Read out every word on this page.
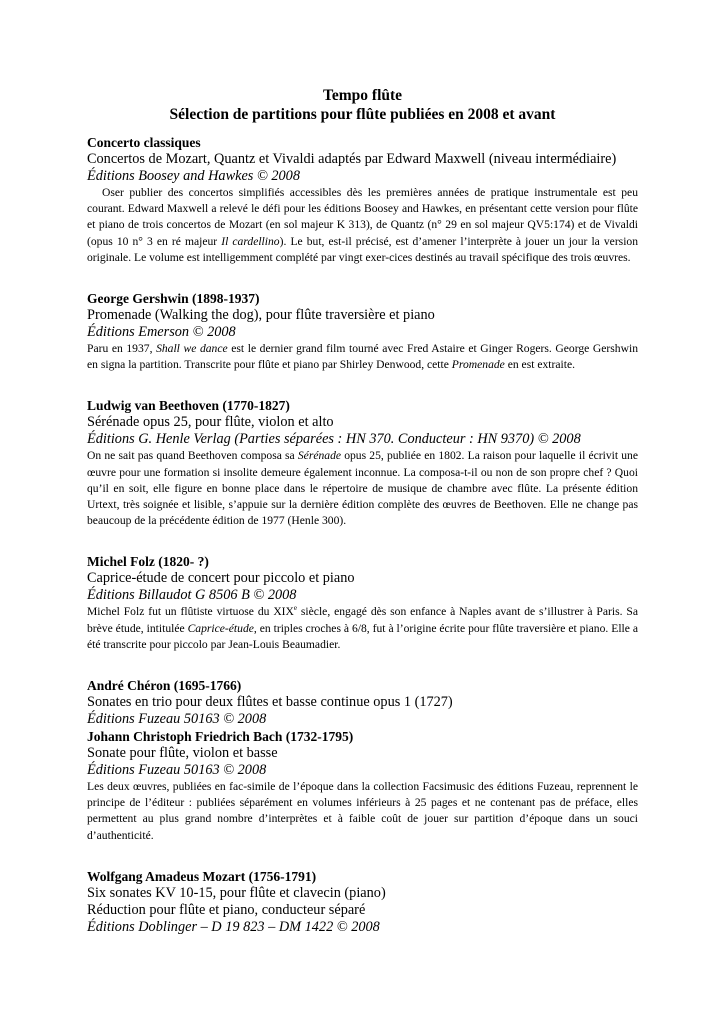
Tempo flûte
Sélection de partitions pour flûte publiées en 2008 et avant
Concerto classiques
Concertos de Mozart, Quantz et Vivaldi adaptés par Edward Maxwell (niveau intermédiaire)
Éditions Boosey and Hawkes © 2008
Oser publier des concertos simplifiés accessibles dès les premières années de pratique instrumentale est peu courant. Edward Maxwell a relevé le défi pour les éditions Boosey and Hawkes, en présentant cette version pour flûte et piano de trois concertos de Mozart (en sol majeur K 313), de Quantz (n° 29 en sol majeur QV5:174) et de Vivaldi (opus 10 n° 3 en ré majeur Il cardellino). Le but, est-il précisé, est d’amener l’interprète à jouer un jour la version originale. Le volume est intelligemment complété par vingt exer-cices destinés au travail spécifique des trois œuvres.
George Gershwin (1898-1937)
Promenade (Walking the dog), pour flûte traversière et piano
Éditions Emerson © 2008
Paru en 1937, Shall we dance est le dernier grand film tourné avec Fred Astaire et Ginger Rogers. George Gershwin en signa la partition. Transcrite pour flûte et piano par Shirley Denwood, cette Promenade en est extraite.
Ludwig van Beethoven (1770-1827)
Sérénade opus 25, pour flûte, violon et alto
Éditions G. Henle Verlag (Parties séparées : HN 370. Conducteur : HN 9370) © 2008
On ne sait pas quand Beethoven composa sa Sérénade opus 25, publiée en 1802. La raison pour laquelle il écrivit une œuvre pour une formation si insolite demeure également inconnue. La composa-t-il ou non de son propre chef ? Quoi qu’il en soit, elle figure en bonne place dans le répertoire de musique de chambre avec flûte. La présente édition Urtext, très soignée et lisible, s’appuie sur la dernière édition complète des œuvres de Beethoven. Elle ne change pas beaucoup de la précédente édition de 1977 (Henle 300).
Michel Folz (1820- ?)
Caprice-étude de concert pour piccolo et piano
Éditions Billaudot G 8506 B © 2008
Michel Folz fut un flûtiste virtuose du XIXe siècle, engagé dès son enfance à Naples avant de s’illustrer à Paris. Sa brève étude, intitulée Caprice-étude, en triples croches à 6/8, fut à l’origine écrite pour flûte traversière et piano. Elle a été transcrite pour piccolo par Jean-Louis Beaumadier.
André Chéron (1695-1766)
Sonates en trio pour deux flûtes et basse continue opus 1 (1727)
Éditions Fuzeau 50163 © 2008
Johann Christoph Friedrich Bach (1732-1795)
Sonate pour flûte, violon et basse
Éditions Fuzeau 50163 © 2008
Les deux œuvres, publiées en fac-simile de l’époque dans la collection Facsimusic des éditions Fuzeau, reprennent le principe de l’éditeur : publiées séparément en volumes inférieurs à 25 pages et ne contenant pas de préface, elles permettent au plus grand nombre d’interprètes et à faible coût de jouer sur partition d’époque dans un souci d’authenticité.
Wolfgang Amadeus Mozart (1756-1791)
Six sonates KV 10-15, pour flûte et clavecin (piano)
Réduction pour flûte et piano, conducteur séparé
Éditions Doblinger – D 19 823 – DM 1422 © 2008
